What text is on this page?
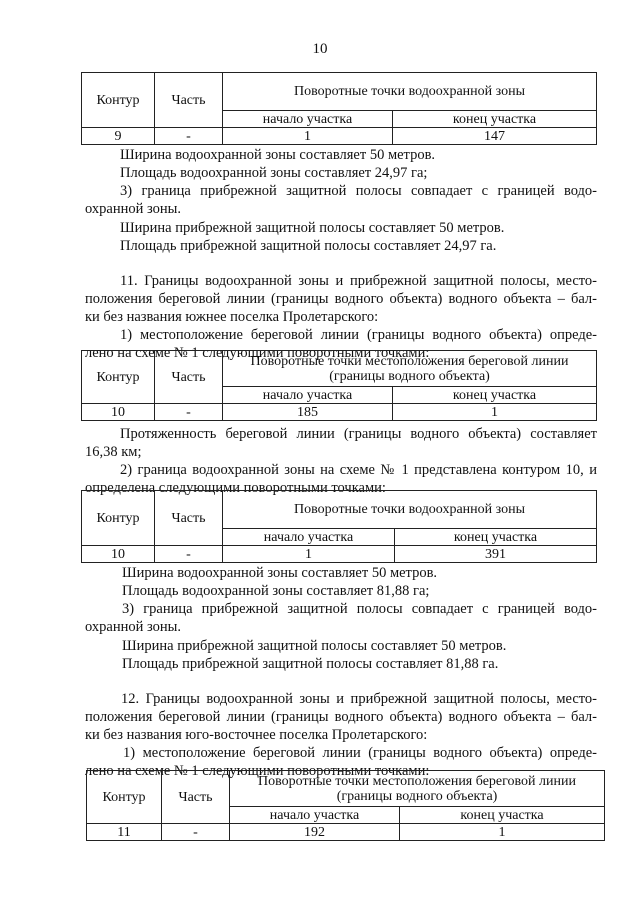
10
Контур	Часть	Поворотные точки водоохранной зоны	
		начало участка	конец участка
9	-	1	147

Ширина водоохранной зоны составляет 50 метров.

Площадь водоохранной зоны составляет 24,97 га;

3) граница прибрежной защитной полосы совпадает с границей водо-

охранной зоны.

Ширина прибрежной защитной полосы составляет 50 метров.

Площадь прибрежной защитной полосы составляет 24,97 га.

11. Границы водоохранной зоны и прибрежной защитной полосы, место-

положения береговой линии (границы водного объекта) водного объекта – бал-

ки без названия южнее поселка Пролетарского:

1) местоположение береговой линии (границы водного объекта) опреде-

лено на схеме № 1 следующими поворотными точками:

Контур	Часть	Поворотные точки местоположения береговой линии
(границы водного объекта)	

		начало участка	конец участка
10	-	185	1

Протяженность береговой линии (границы водного объекта) составляет

16,38 км;

2) граница водоохранной зоны на схеме № 1 представлена контуром 10, и

определена следующими поворотными точками:

Контур	Часть	Поворотные точки водоохранной зоны	
		начало участка	конец участка
10	-	1	391

Ширина водоохранной зоны составляет 50 метров.

Площадь водоохранной зоны составляет 81,88 га;

3) граница прибрежной защитной полосы совпадает с границей водо-

охранной зоны.

Ширина прибрежной защитной полосы составляет 50 метров.

Площадь прибрежной защитной полосы составляет 81,88 га.

12. Границы водоохранной зоны и прибрежной защитной полосы, место-

положения береговой линии (границы водного объекта) водного объекта – бал-

ки без названия юго-восточнее поселка Пролетарского:

1) местоположение береговой линии (границы водного объекта) опреде-

лено на схеме № 1 следующими поворотными точками:

Контур	Часть	Поворотные точки местоположения береговой линии
(границы водного объекта)	

		начало участка	конец участка
11	-	192	1
